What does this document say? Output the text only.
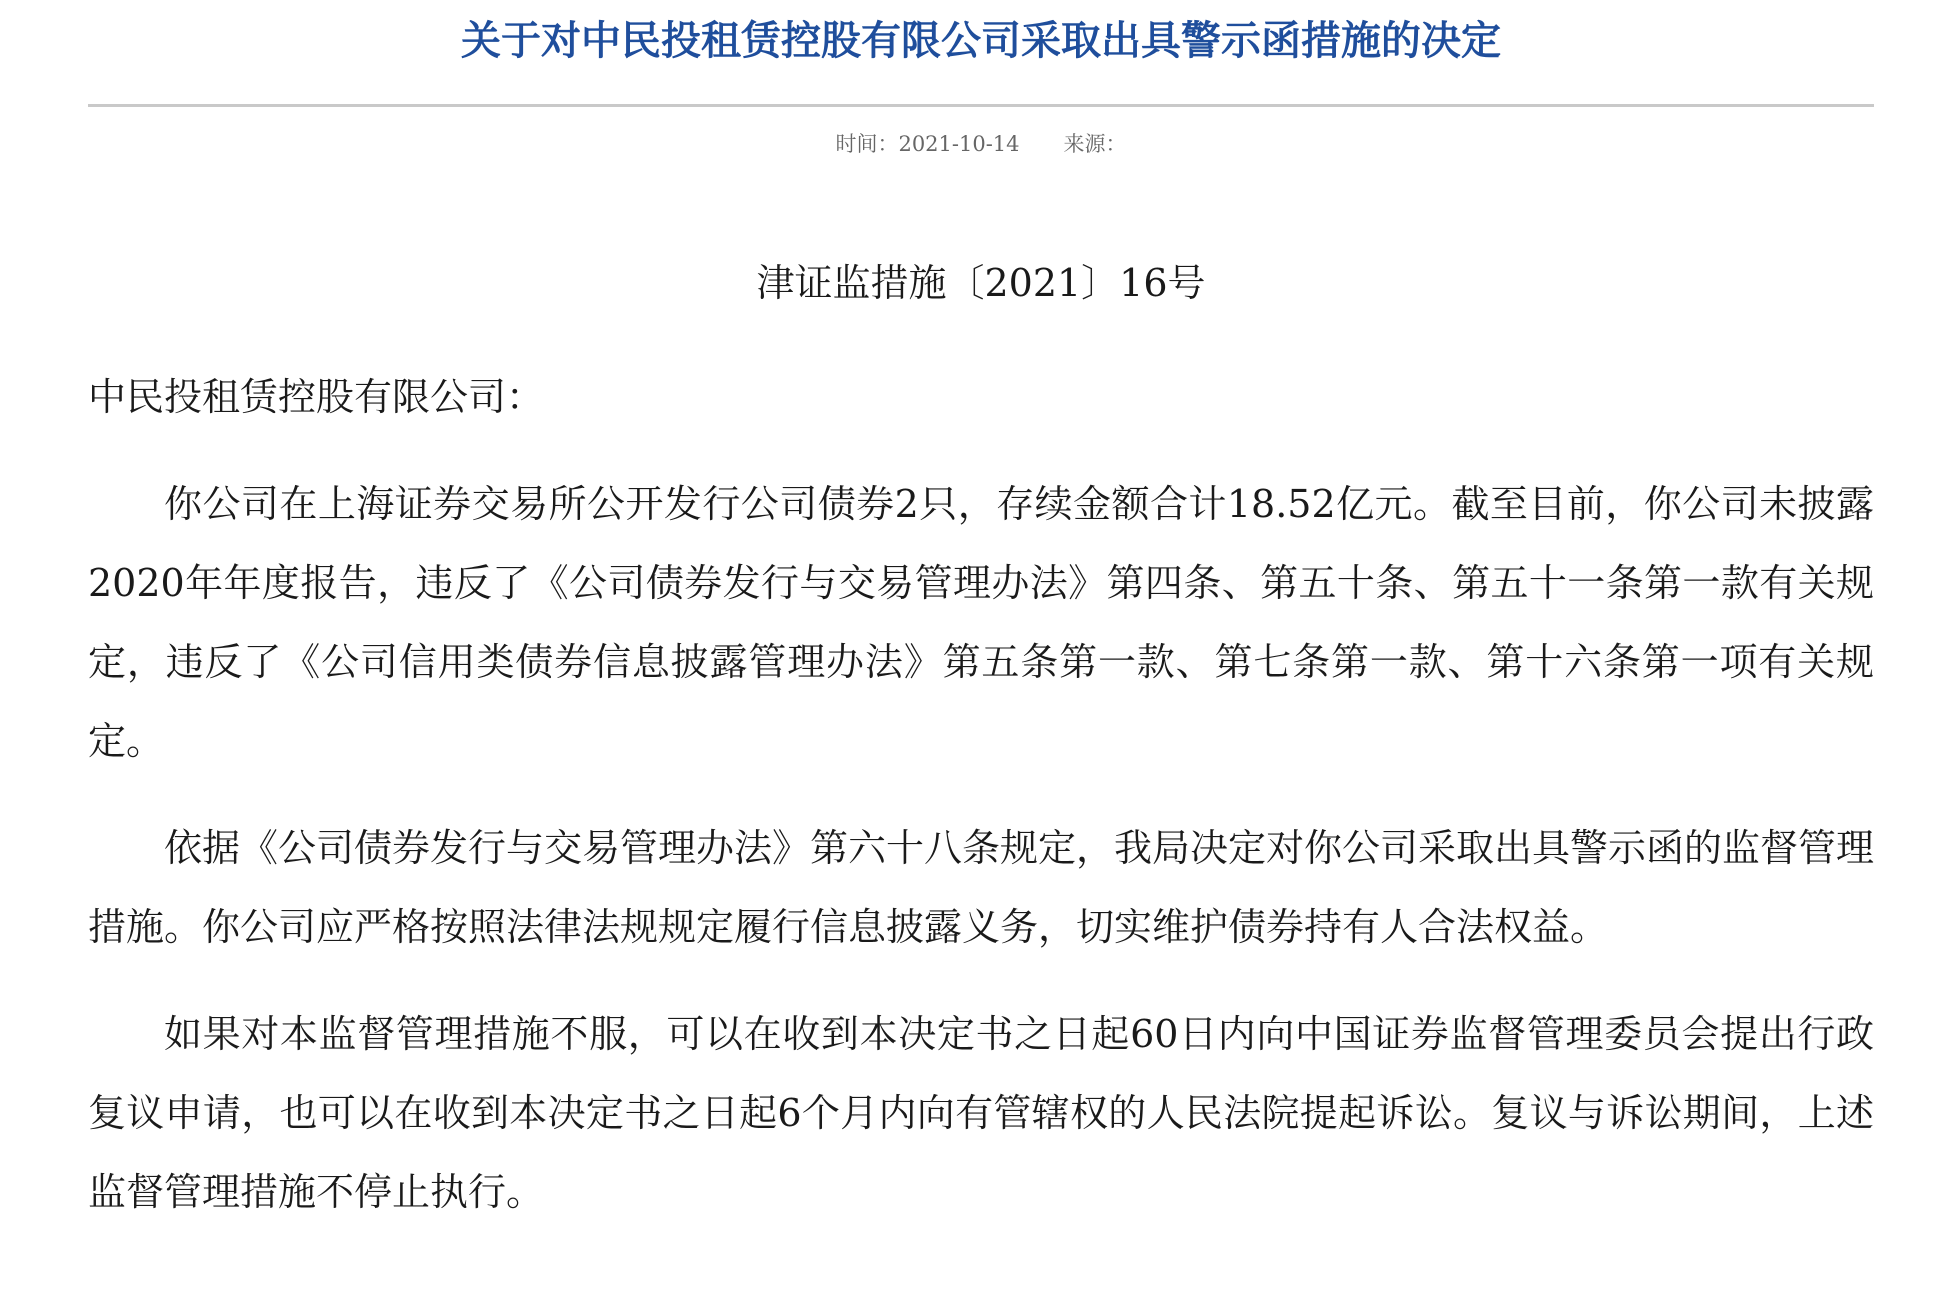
关于对中民投租赁控股有限公司采取出具警示函措施的决定
时间：2021-10-14 来源：
津证监措施〔2021〕16号
中民投租赁控股有限公司：

你公司在上海证券交易所公开发行公司债券2只，存续金额合计18.52亿元。截至目前，你公司未披露2020年年度报告，违反了《公司债券发行与交易管理办法》第四条、第五十条、第五十一条第一款有关规定，违反了《公司信用类债券信息披露管理办法》第五条第一款、第七条第一款、第十六条第一项有关规定。

依据《公司债券发行与交易管理办法》第六十八条规定，我局决定对你公司采取出具警示函的监督管理措施。你公司应严格按照法律法规规定履行信息披露义务，切实维护债券持有人合法权益。

如果对本监督管理措施不服，可以在收到本决定书之日起60日内向中国证券监督管理委员会提出行政复议申请，也可以在收到本决定书之日起6个月内向有管辖权的人民法院提起诉讼。复议与诉讼期间，上述监督管理措施不停止执行。
